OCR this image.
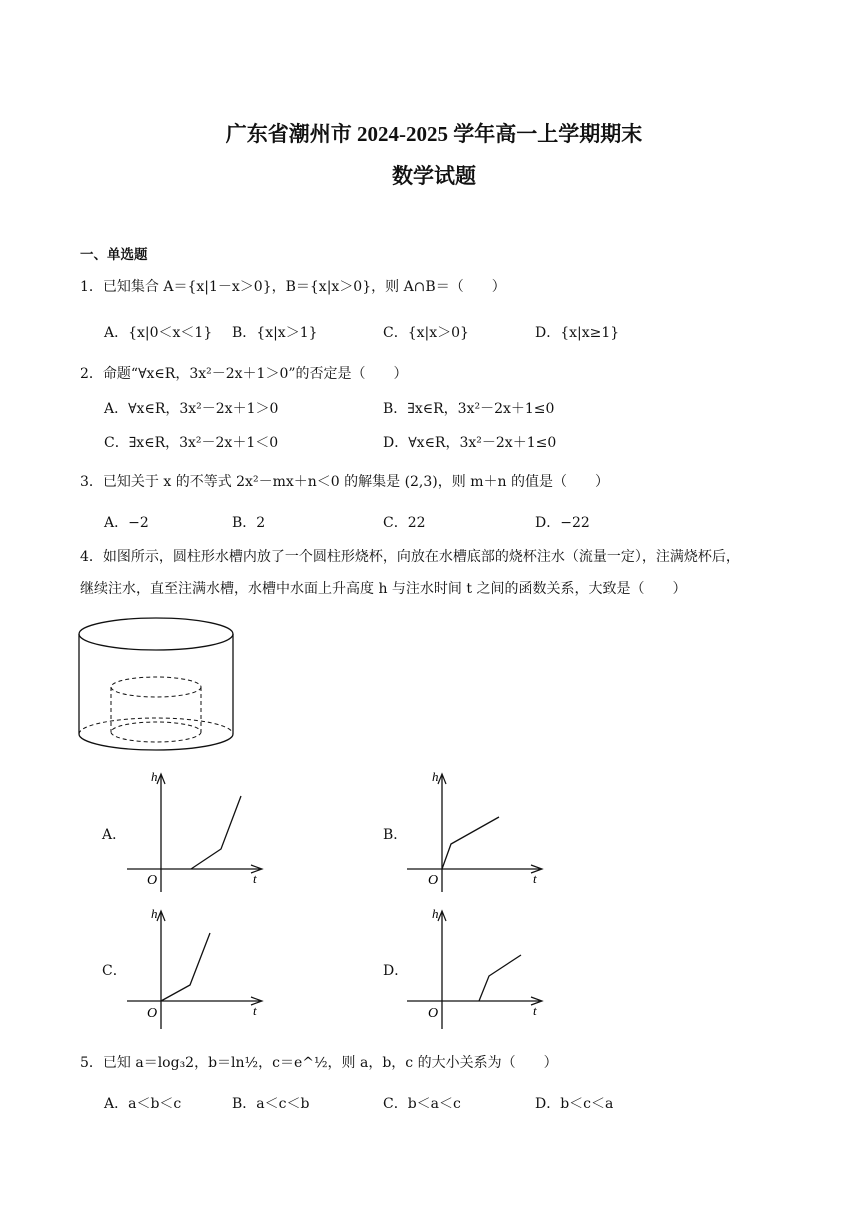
广东省潮州市 2024-2025 学年高一上学期期末
数学试题
一、单选题
1．已知集合 A＝{x|1－x＞0}，B＝{x|x＞0}，则 A∩B＝（　　）
A．{x|0＜x＜1} B．{x|x＞1}	C．{x|x＞0}	D．{x|x≥1}
2．命题“∀x∈R，3x²－2x＋1＞0”的否定是（　　）
A．∀x∈R，3x²－2x＋1＞0	B．∃x∈R，3x²－2x＋1≤0
C．∃x∈R，3x²－2x＋1＜0	D．∀x∈R，3x²－2x＋1≤0
3．已知关于 x 的不等式 2x²－mx＋n＜0 的解集是 (2,3)，则 m＋n 的值是（　　）
A．−2	B．2	C．22	D．−22
4．如图所示，圆柱形水槽内放了一个圆柱形烧杯，向放在水槽底部的烧杯注水（流量一定），注满烧杯后，
继续注水，直至注满水槽，水槽中水面上升高度 h 与注水时间 t 之间的函数关系，大致是（　　）
A．
h
t
O
B．
h
t
O
C．
h
t
O
D．
h
t
O
5．已知 a＝log₃2，b＝ln½，c＝e^½，则 a，b，c 的大小关系为（　　）
A．a＜b＜c	B．a＜c＜b	C．b＜a＜c	D．b＜c＜a
